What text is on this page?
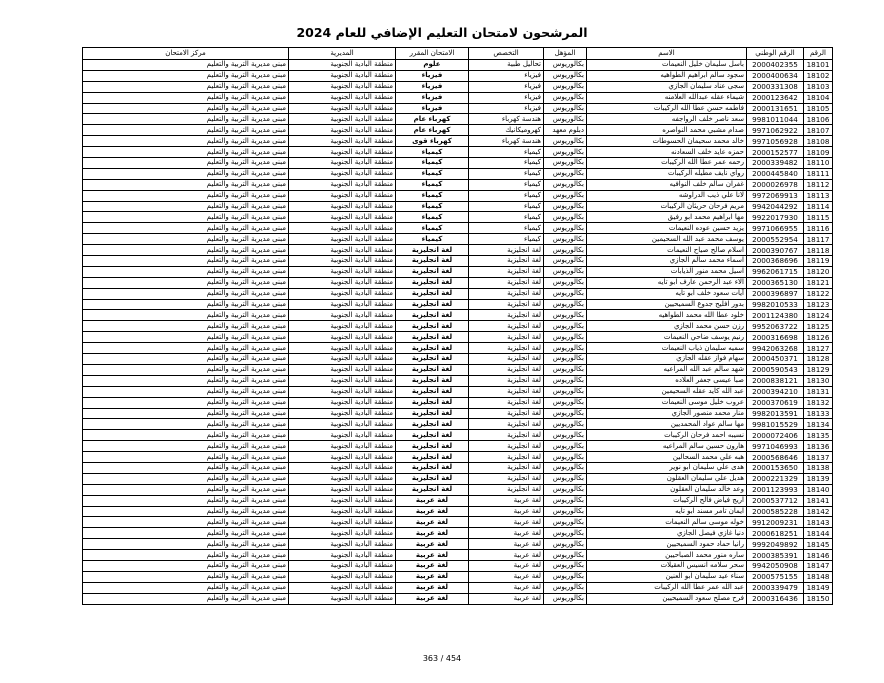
المرشحون لامتحان التعليم الإضافي للعام 2024
الرقم	الرقم الوطني	الاسم	المؤهل	التخصص	الامتحان المقرر	المديرية	مركز الامتحان
18101	2000402355	باسل سليمان خليل النعيمات	بكالوريوس	تحاليل طبية	علوم	منطقة البادية الجنوبية	مبنى مديرية التربية والتعليم
18102	2000400634	سجود سالم ابراهيم الطواهيه	بكالوريوس	فيزياء	فيزياء	منطقة البادية الجنوبية	مبنى مديرية التربية والتعليم
18103	2000331308	سجى عناد سليمان الجازي	بكالوريوس	فيزياء	فيزياء	منطقة البادية الجنوبية	مبنى مديرية التربية والتعليم
18104	2000123642	شيماء عقله عبدالله العلامنه	بكالوريوس	فيزياء	فيزياء	منطقة البادية الجنوبية	مبنى مديرية التربية والتعليم
18105	2000131651	فاطمه حسن عطا الله الركيبات	بكالوريوس	فيزياء	فيزياء	منطقة البادية الجنوبية	مبنى مديرية التربية والتعليم
18106	9981011044	سعد ناصر خلف الرواجفه	بكالوريوس	هندسة كهرباء	كهرباء عام	منطقة البادية الجنوبية	مبنى مديرية التربية والتعليم
18107	9971062922	صدام مشبي محمد النواصره	دبلوم معهد	كهروميكانيك	كهرباء عام	منطقة البادية الجنوبية	مبنى مديرية التربية والتعليم
18108	9971056928	خالد محمد سحيمان الحسوطات	بكالوريوس	هندسة كهرباء	كهرباء قوى	منطقة البادية الجنوبية	مبنى مديرية التربية والتعليم
18109	2000152577	حمزه عايد خلف السعادنه	بكالوريوس	كيمياء	كيمياء	منطقة البادية الجنوبية	مبنى مديرية التربية والتعليم
18110	2000339482	رحمه عمر عطا الله الركيبات	بكالوريوس	كيمياء	كيمياء	منطقة البادية الجنوبية	مبنى مديرية التربية والتعليم
18111	2000445840	رواي نايف مطيله الركيبات	بكالوريوس	كيمياء	كيمياء	منطقة البادية الجنوبية	مبنى مديرية التربية والتعليم
18112	2000026978	غفران سالم خلف النوافيه	بكالوريوس	كيمياء	كيمياء	منطقة البادية الجنوبية	مبنى مديرية التربية والتعليم
18113	9972069913	لانا علي ذيب الدراوشه	بكالوريوس	كيمياء	كيمياء	منطقة البادية الجنوبية	مبنى مديرية التربية والتعليم
18114	9942044292	مريم فرحان حريثان الركيبات	بكالوريوس	كيمياء	كيمياء	منطقة البادية الجنوبية	مبنى مديرية التربية والتعليم
18115	9922017930	مها ابراهيم محمد ابو رفيق	بكالوريوس	كيمياء	كيمياء	منطقة البادية الجنوبية	مبنى مديرية التربية والتعليم
18116	9971066955	يزيد حسين عوده النعيمات	بكالوريوس	كيمياء	كيمياء	منطقة البادية الجنوبية	مبنى مديرية التربية والتعليم
18117	2000552954	يوسف محمد عبد الله السحيمين	بكالوريوس	كيمياء	كيمياء	منطقة البادية الجنوبية	مبنى مديرية التربية والتعليم
18118	2000390767	اسلام صالح صياح النعيمات	بكالوريوس	لغة انجليزية	لغة انجليزية	منطقة البادية الجنوبية	مبنى مديرية التربية والتعليم
18119	2000368696	اسماء محمد سالم الجازي	بكالوريوس	لغة انجليزية	لغة انجليزية	منطقة البادية الجنوبية	مبنى مديرية التربية والتعليم
18120	9962061715	اسيل محمد منور الذيابات	بكالوريوس	لغة انجليزية	لغة انجليزية	منطقة البادية الجنوبية	مبنى مديرية التربية والتعليم
18121	2000365130	الاء عبد الرحمن عارف ابو تايه	بكالوريوس	لغة انجليزية	لغة انجليزية	منطقة البادية الجنوبية	مبنى مديرية التربية والتعليم
18122	2000396897	آيات سعود خلف ابو تايه	بكالوريوس	لغة انجليزية	لغة انجليزية	منطقة البادية الجنوبية	مبنى مديرية التربية والتعليم
18123	9982010533	بدور افليح جدوع السميحيين	بكالوريوس	لغة انجليزية	لغة انجليزية	منطقة البادية الجنوبية	مبنى مديرية التربية والتعليم
18124	2001124380	خلود عطا الله محمد الطواهيه	بكالوريوس	لغة انجليزية	لغة انجليزية	منطقة البادية الجنوبية	مبنى مديرية التربية والتعليم
18125	9952063722	رزن حسن محمد الجازي	بكالوريوس	لغة انجليزية	لغة انجليزية	منطقة البادية الجنوبية	مبنى مديرية التربية والتعليم
18126	2000316698	رنيم يوسف ضاحي النعيمات	بكالوريوس	لغة انجليزية	لغة انجليزية	منطقة البادية الجنوبية	مبنى مديرية التربية والتعليم
18127	9942063268	سميه سليمان ذياب النعيمات	بكالوريوس	لغة انجليزية	لغة انجليزية	منطقة البادية الجنوبية	مبنى مديرية التربية والتعليم
18128	2000450371	سهام فواز عقله الجازي	بكالوريوس	لغة انجليزية	لغة انجليزية	منطقة البادية الجنوبية	مبنى مديرية التربية والتعليم
18129	2000590543	شهد سالم عبد الله المراعيه	بكالوريوس	لغة انجليزية	لغة انجليزية	منطقة البادية الجنوبية	مبنى مديرية التربية والتعليم
18130	2000838121	صبا عيسى جعفر العلاده	بكالوريوس	لغة انجليزية	لغة انجليزية	منطقة البادية الجنوبية	مبنى مديرية التربية والتعليم
18131	2000394210	عبد الله كايد عقله السحيمين	بكالوريوس	لغة انجليزية	لغة انجليزية	منطقة البادية الجنوبية	مبنى مديرية التربية والتعليم
18132	2000370619	عروب خليل موسى النعيمات	بكالوريوس	لغة انجليزية	لغة انجليزية	منطقة البادية الجنوبية	مبنى مديرية التربية والتعليم
18133	9982013591	منار محمد منصور الجازي	بكالوريوس	لغة انجليزية	لغة انجليزية	منطقة البادية الجنوبية	مبنى مديرية التربية والتعليم
18134	9981015529	مها سالم عواد المحمديين	بكالوريوس	لغة انجليزية	لغة انجليزية	منطقة البادية الجنوبية	مبنى مديرية التربية والتعليم
18135	2000072406	نسيبه احمد فرحان الركيبات	بكالوريوس	لغة انجليزية	لغة انجليزية	منطقة البادية الجنوبية	مبنى مديرية التربية والتعليم
18136	9971046993	هارون حسين سالم المراعيه	بكالوريوس	لغة انجليزية	لغة انجليزية	منطقة البادية الجنوبية	مبنى مديرية التربية والتعليم
18137	2000568646	هبه علي محمد السحالين	بكالوريوس	لغة انجليزية	لغة انجليزية	منطقة البادية الجنوبية	مبنى مديرية التربية والتعليم
18138	2000153650	هدى علي سليمان ابو نوير	بكالوريوس	لغة انجليزية	لغة انجليزية	منطقة البادية الجنوبية	مبنى مديرية التربية والتعليم
18139	2000221329	هديل علي سليمان العقلون	بكالوريوس	لغة انجليزية	لغة انجليزية	منطقة البادية الجنوبية	مبنى مديرية التربية والتعليم
18140	2001123993	وعد خالد سليمان العقلون	بكالوريوس	لغة انجليزية	لغة انجليزية	منطقة البادية الجنوبية	مبنى مديرية التربية والتعليم
18141	2000537712	اريج فياض فالح الركيبات	بكالوريوس	لغة عربية	لغة عربية	منطقة البادية الجنوبية	مبنى مديرية التربية والتعليم
18142	2000585228	ايمان تامر مسند ابو تايه	بكالوريوس	لغة عربية	لغة عربية	منطقة البادية الجنوبية	مبنى مديرية التربية والتعليم
18143	9912009231	خوله موسى سالم النعيمات	بكالوريوس	لغة عربية	لغة عربية	منطقة البادية الجنوبية	مبنى مديرية التربية والتعليم
18144	2000618251	دنيا غازي فيصل الجازي	بكالوريوس	لغة عربية	لغة عربية	منطقة البادية الجنوبية	مبنى مديرية التربية والتعليم
18145	9992049892	رانيا حماد حمود السميحيين	بكالوريوس	لغة عربية	لغة عربية	منطقة البادية الجنوبية	مبنى مديرية التربية والتعليم
18146	2000385391	ساره منور محمد الصباحيين	بكالوريوس	لغة عربية	لغة عربية	منطقة البادية الجنوبية	مبنى مديرية التربية والتعليم
18147	9942050908	سحر سلامه انسيس العقيلات	بكالوريوس	لغة عربية	لغة عربية	منطقة البادية الجنوبية	مبنى مديرية التربية والتعليم
18148	2000575155	سناء عيد سليمان ابو العنين	بكالوريوس	لغة عربية	لغة عربية	منطقة البادية الجنوبية	مبنى مديرية التربية والتعليم
18149	2000339479	عبد الله عمر عطا الله الركيبات	بكالوريوس	لغة عربية	لغة عربية	منطقة البادية الجنوبية	مبنى مديرية التربية والتعليم
18150	2000316436	فرح مصلح سعود السميحيين	بكالوريوس	لغة عربية	لغة عربية	منطقة البادية الجنوبية	مبنى مديرية التربية والتعليم
363 / 454
